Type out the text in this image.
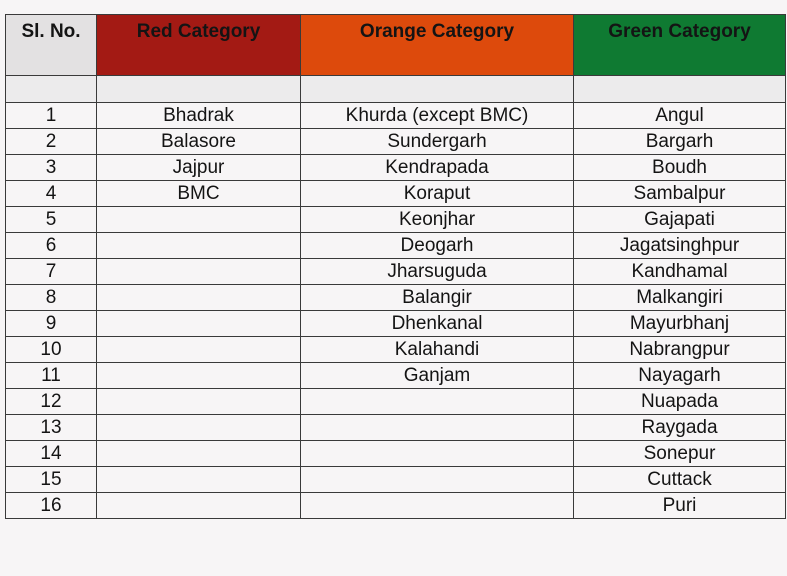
Sl. No.	Red Category	Orange Category	Green Category

1	Bhadrak	Khurda (except BMC)	Angul
2	Balasore	Sundergarh	Bargarh
3	Jajpur	Kendrapada	Boudh
4	BMC	Koraput	Sambalpur
5		Keonjhar	Gajapati
6		Deogarh	Jagatsinghpur
7		Jharsuguda	Kandhamal
8		Balangir	Malkangiri
9		Dhenkanal	Mayurbhanj
10		Kalahandi	Nabrangpur
11		Ganjam	Nayagarh
12			Nuapada
13			Raygada
14			Sonepur
15			Cuttack
16			Puri
